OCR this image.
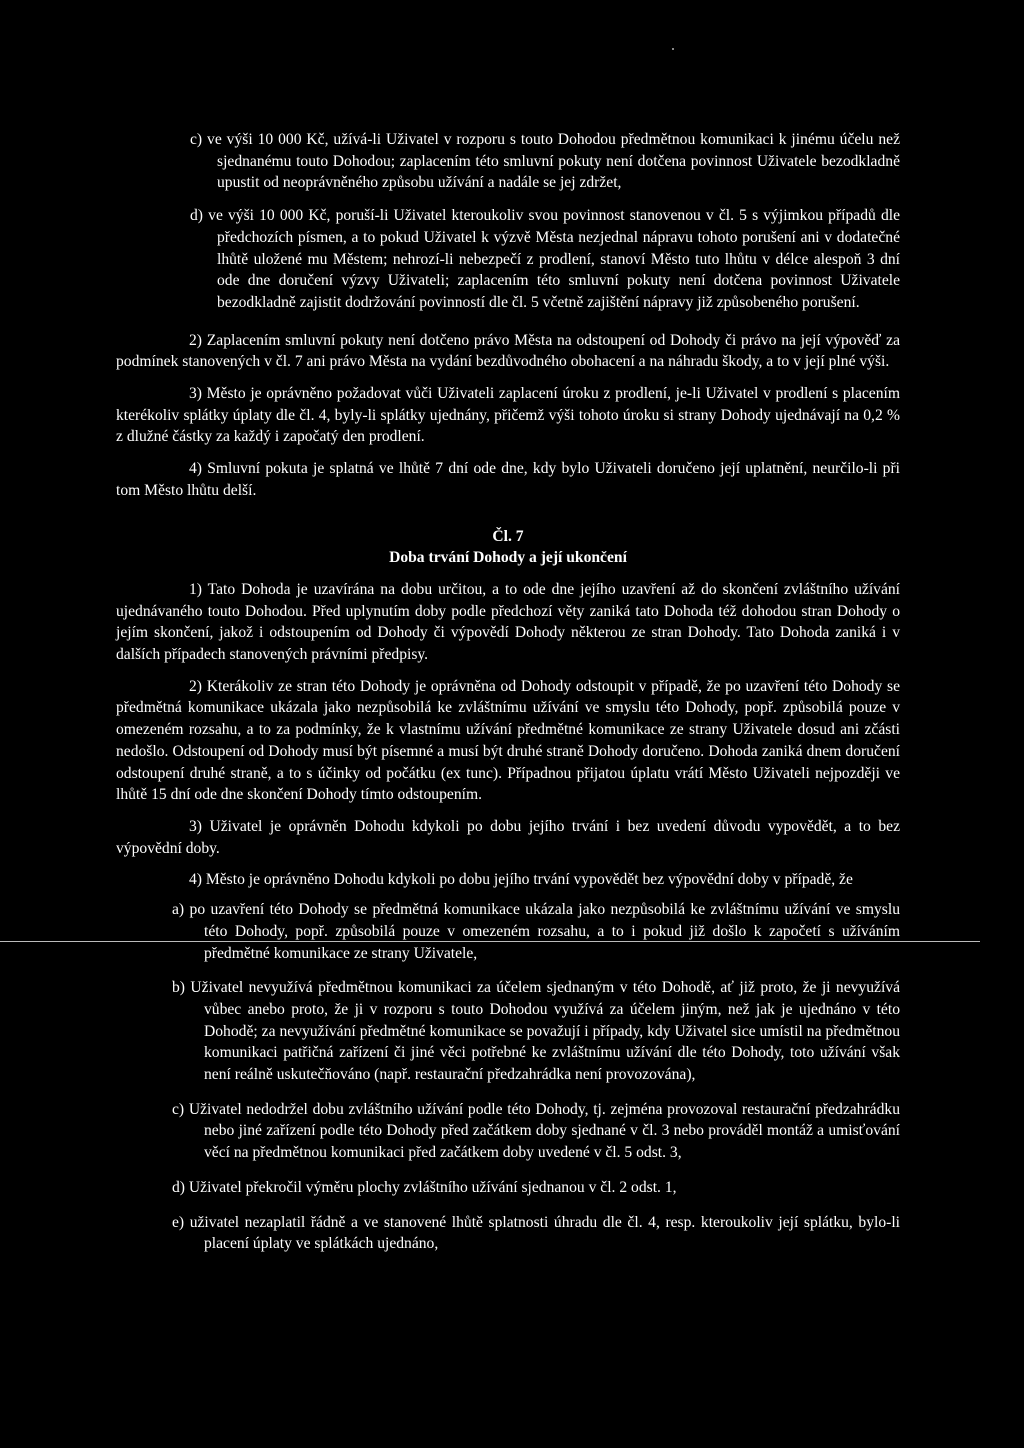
c) ve výši 10 000 Kč, užívá-li Uživatel v rozporu s touto Dohodou předmětnou komunikaci k jinému účelu než sjednanému touto Dohodou; zaplacením této smluvní pokuty není dotčena povinnost Uživatele bezodkladně upustit od neoprávněného způsobu užívání a nadále se jej zdržet,

d) ve výši 10 000 Kč, poruší-li Uživatel kteroukoliv svou povinnost stanovenou v čl. 5 s výjimkou případů dle předchozích písmen, a to pokud Uživatel k výzvě Města nezjednal nápravu tohoto porušení ani v dodatečné lhůtě uložené mu Městem; nehrozí-li nebezpečí z prodlení, stanoví Město tuto lhůtu v délce alespoň 3 dní ode dne doručení výzvy Uživateli; zaplacením této smluvní pokuty není dotčena povinnost Uživatele bezodkladně zajistit dodržování povinností dle čl. 5 včetně zajištění nápravy již způsobeného porušení.

2) Zaplacením smluvní pokuty není dotčeno právo Města na odstoupení od Dohody či právo na její výpověď za podmínek stanovených v čl. 7 ani právo Města na vydání bezdůvodného obohacení a na náhradu škody, a to v její plné výši.

3) Město je oprávněno požadovat vůči Uživateli zaplacení úroku z prodlení, je-li Uživatel v prodlení s placením kterékoliv splátky úplaty dle čl. 4, byly-li splátky ujednány, přičemž výši tohoto úroku si strany Dohody ujednávají na 0,2 % z dlužné částky za každý i započatý den prodlení.

4) Smluvní pokuta je splatná ve lhůtě 7 dní ode dne, kdy bylo Uživateli doručeno její uplatnění, neurčilo-li při tom Město lhůtu delší.

Čl. 7

Doba trvání Dohody a její ukončení

1) Tato Dohoda je uzavírána na dobu určitou, a to ode dne jejího uzavření až do skončení zvláštního užívání ujednávaného touto Dohodou. Před uplynutím doby podle předchozí věty zaniká tato Dohoda též dohodou stran Dohody o jejím skončení, jakož i odstoupením od Dohody či výpovědí Dohody některou ze stran Dohody. Tato Dohoda zaniká i v dalších případech stanovených právními předpisy.

2) Kterákoliv ze stran této Dohody je oprávněna od Dohody odstoupit v případě, že po uzavření této Dohody se předmětná komunikace ukázala jako nezpůsobilá ke zvláštnímu užívání ve smyslu této Dohody, popř. způsobilá pouze v omezeném rozsahu, a to za podmínky, že k vlastnímu užívání předmětné komunikace ze strany Uživatele dosud ani zčásti nedošlo. Odstoupení od Dohody musí být písemné a musí být druhé straně Dohody doručeno. Dohoda zaniká dnem doručení odstoupení druhé straně, a to s účinky od počátku (ex tunc). Případnou přijatou úplatu vrátí Město Uživateli nejpozději ve lhůtě 15 dní ode dne skončení Dohody tímto odstoupením.

3) Uživatel je oprávněn Dohodu kdykoli po dobu jejího trvání i bez uvedení důvodu vypovědět, a to bez výpovědní doby.

4) Město je oprávněno Dohodu kdykoli po dobu jejího trvání vypovědět bez výpovědní doby v případě, že

a) po uzavření této Dohody se předmětná komunikace ukázala jako nezpůsobilá ke zvláštnímu užívání ve smyslu této Dohody, popř. způsobilá pouze v omezeném rozsahu, a to i pokud již došlo k započetí s užíváním předmětné komunikace ze strany Uživatele,

b) Uživatel nevyužívá předmětnou komunikaci za účelem sjednaným v této Dohodě, ať již proto, že ji nevyužívá vůbec anebo proto, že ji v rozporu s touto Dohodou využívá za účelem jiným, než jak je ujednáno v této Dohodě; za nevyužívání předmětné komunikace se považují i případy, kdy Uživatel sice umístil na předmětnou komunikaci patřičná zařízení či jiné věci potřebné ke zvláštnímu užívání dle této Dohody, toto užívání však není reálně uskutečňováno (např. restaurační předzahrádka není provozována),

c) Uživatel nedodržel dobu zvláštního užívání podle této Dohody, tj. zejména provozoval restaurační předzahrádku nebo jiné zařízení podle této Dohody před začátkem doby sjednané v čl. 3 nebo prováděl montáž a umisťování věcí na předmětnou komunikaci před začátkem doby uvedené v čl. 5 odst. 3,

d) Uživatel překročil výměru plochy zvláštního užívání sjednanou v čl. 2 odst. 1,

e) uživatel nezaplatil řádně a ve stanovené lhůtě splatnosti úhradu dle čl. 4, resp. kteroukoliv její splátku, bylo-li placení úplaty ve splátkách ujednáno,
